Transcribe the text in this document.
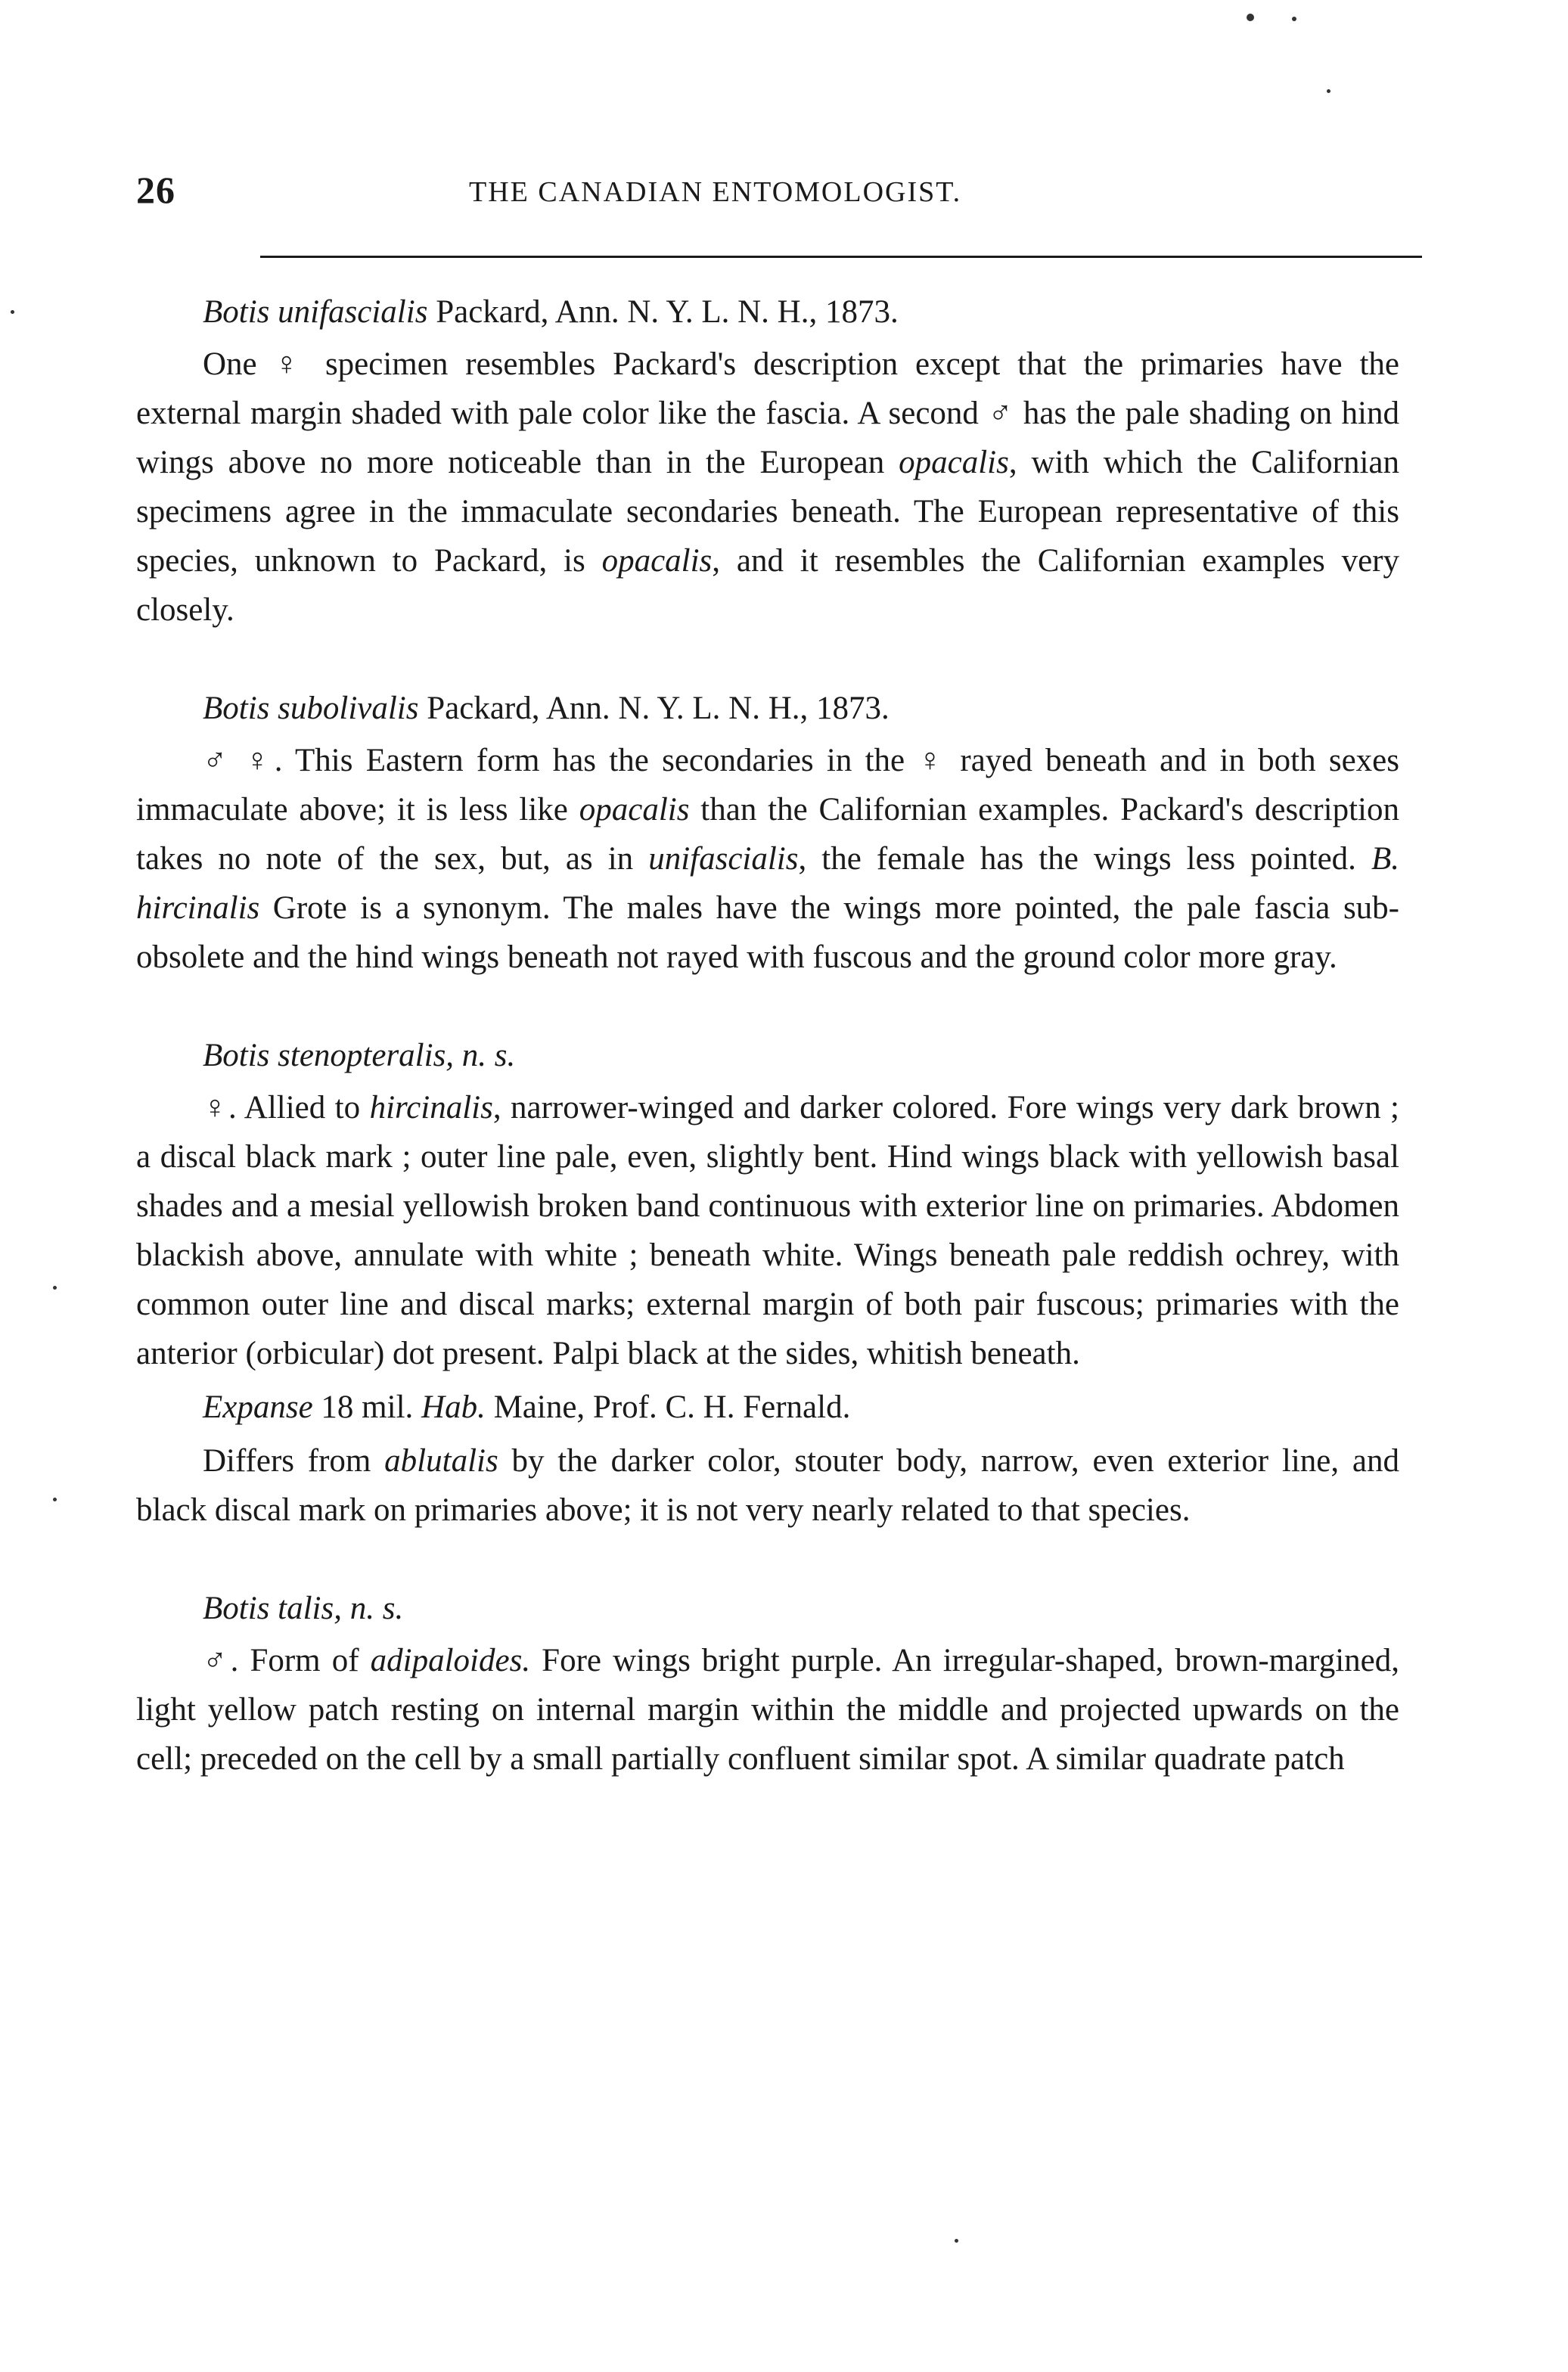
26	THE CANADIAN ENTOMOLOGIST.

Botis unifascialis Packard, Ann. N. Y. L. N. H., 1873.

One ♀ specimen resembles Packard's description except that the primaries have the external margin shaded with pale color like the fascia. A second ♂ has the pale shading on hind wings above no more noticeable than in the European opacalis, with which the Californian specimens agree in the immaculate secondaries beneath. The European representative of this species, unknown to Packard, is opacalis, and it resembles the Californian examples very closely.

Botis subolivalis Packard, Ann. N. Y. L. N. H., 1873.

♂ ♀. This Eastern form has the secondaries in the ♀ rayed beneath and in both sexes immaculate above; it is less like opacalis than the Californian examples. Packard's description takes no note of the sex, but, as in unifascialis, the female has the wings less pointed. B. hircinalis Grote is a synonym. The males have the wings more pointed, the pale fascia sub-obsolete and the hind wings beneath not rayed with fuscous and the ground color more gray.

Botis stenopteralis, n. s.

♀. Allied to hircinalis, narrower-winged and darker colored. Fore wings very dark brown ; a discal black mark ; outer line pale, even, slightly bent. Hind wings black with yellowish basal shades and a mesial yellowish broken band continuous with exterior line on primaries. Abdomen blackish above, annulate with white ; beneath white. Wings beneath pale reddish ochrey, with common outer line and discal marks; external margin of both pair fuscous; primaries with the anterior (orbicular) dot present. Palpi black at the sides, whitish beneath.

Expanse 18 mil. Hab. Maine, Prof. C. H. Fernald.

Differs from ablutalis by the darker color, stouter body, narrow, even exterior line, and black discal mark on primaries above; it is not very nearly related to that species.

Botis talis, n. s.

♂. Form of adipaloides. Fore wings bright purple. An irregular-shaped, brown-margined, light yellow patch resting on internal margin within the middle and projected upwards on the cell; preceded on the cell by a small partially confluent similar spot. A similar quadrate patch
